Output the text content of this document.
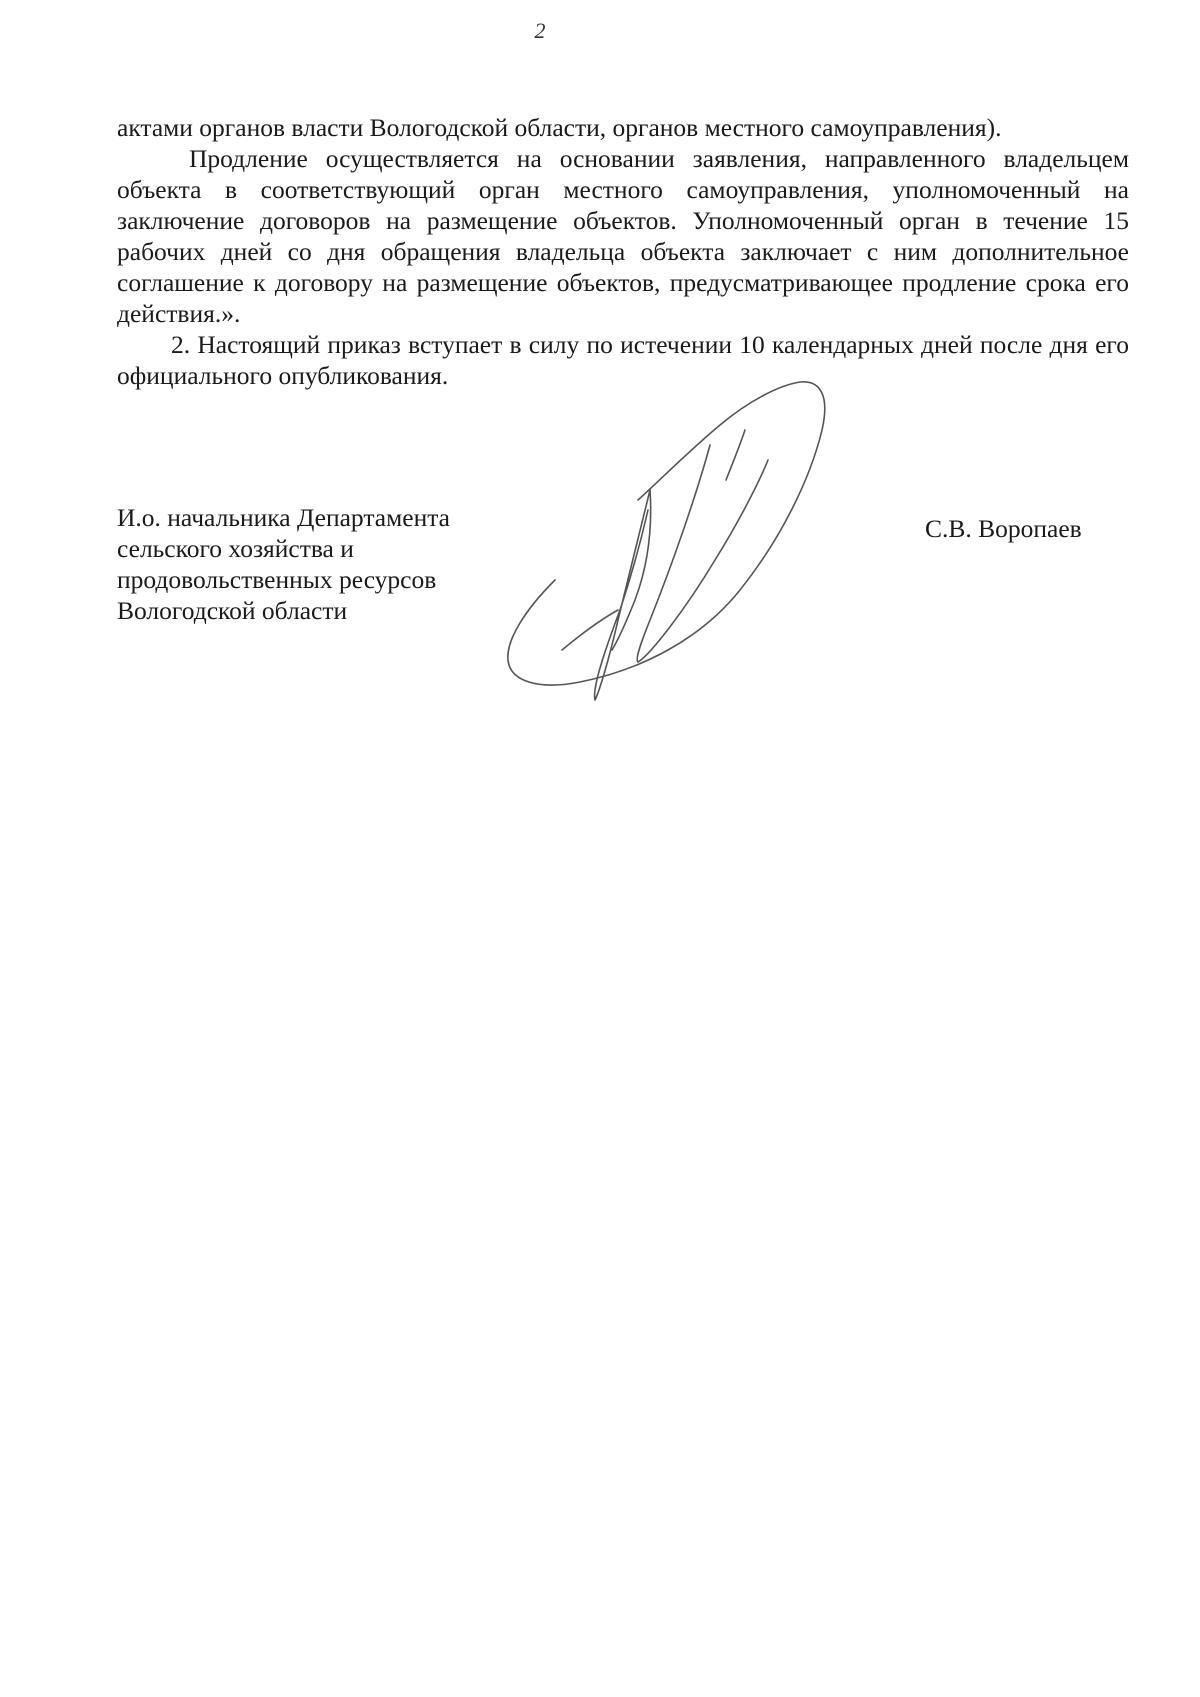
2

актами органов власти Вологодской области, органов местного самоуправления).

Продление осуществляется на основании заявления, направленного владельцем объекта в соответствующий орган местного самоуправления, уполномоченный на заключение договоров на размещение объектов. Уполномоченный орган в течение 15 рабочих дней со дня обращения владельца объекта заключает с ним дополнительное соглашение к договору на размещение объектов, предусматривающее продление срока его действия.».

2. Настоящий приказ вступает в силу по истечении 10 календарных дней после дня его официального опубликования.

И.о. начальника Департамента
сельского хозяйства и
продовольственных ресурсов
Вологодской области
С.В. Воропаев
